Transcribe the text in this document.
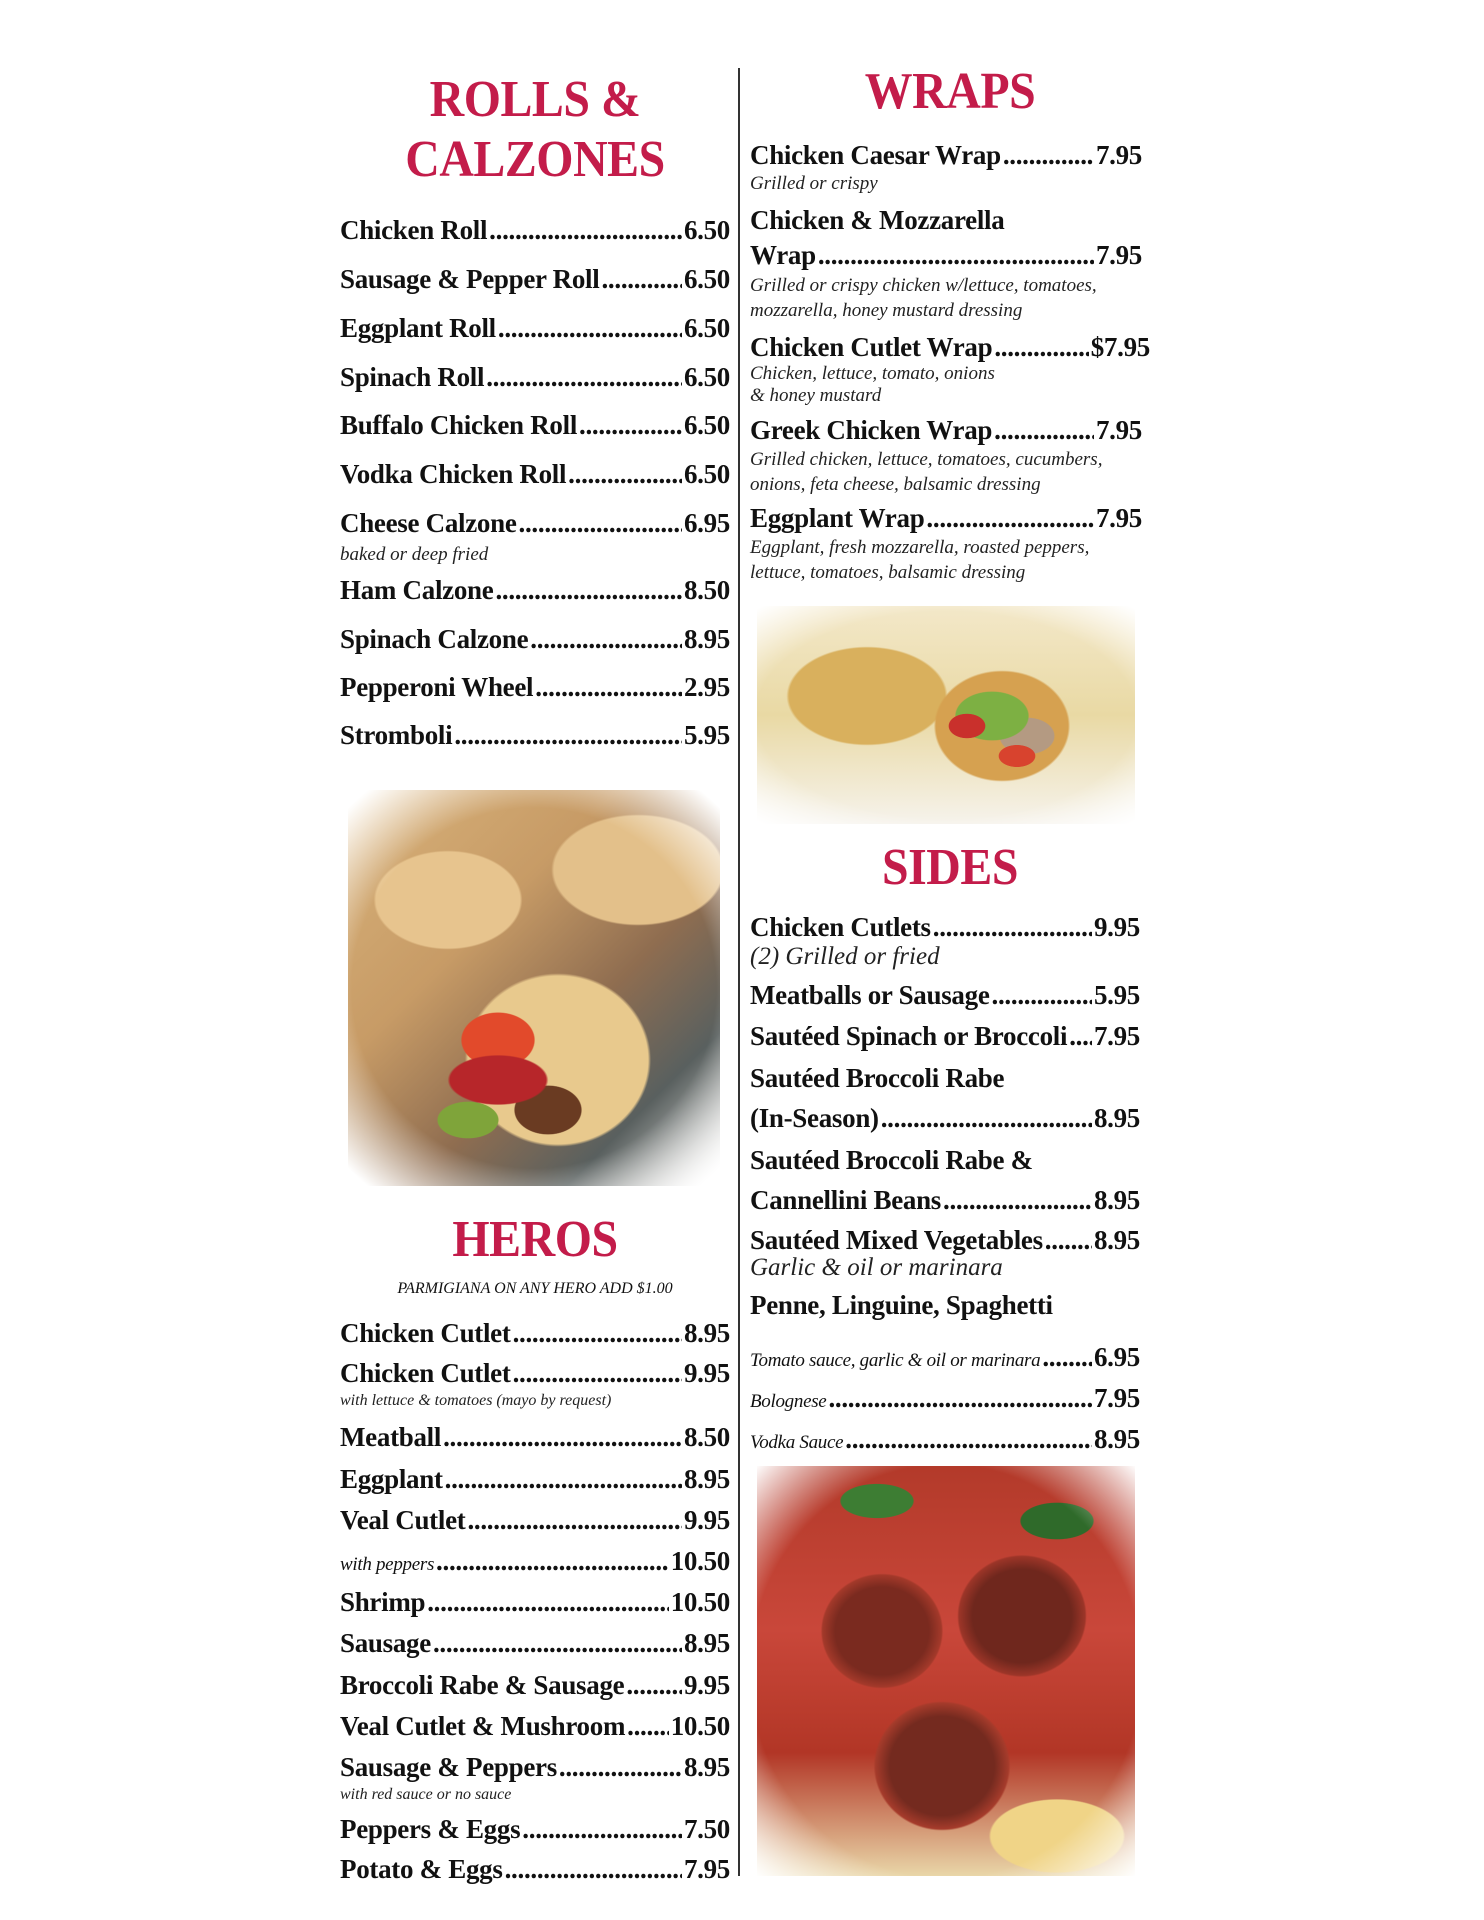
ROLLS &
CALZONES
Chicken Roll .....	6.50
Sausage & Pepper Roll .....	6.50
Eggplant Roll .....	6.50
Spinach Roll .....	6.50
Buffalo Chicken Roll .....	6.50
Vodka Chicken Roll .....	6.50
Cheese Calzone .....	6.95
baked or deep fried
Ham Calzone .....	8.50
Spinach Calzone .....	8.95
Pepperoni Wheel .....	2.95
Stromboli .....	5.95
HEROS
PARMIGIANA ON ANY HERO ADD $1.00
Chicken Cutlet .....	8.95
Chicken Cutlet .....	9.95
with lettuce & tomatoes (mayo by request)
Meatball .....	8.50
Eggplant .....	8.95
Veal Cutlet .....	9.95
with peppers .....	10.50
Shrimp .....	10.50
Sausage .....	8.95
Broccoli Rabe & Sausage ..... 9.95
Veal Cutlet & Mushroom ..... 10.50
Sausage & Peppers .....	8.95
with red sauce or no sauce
Peppers & Eggs .....	7.50
Potato & Eggs .....	7.95
WRAPS
Chicken Caesar Wrap .....	7.95
Grilled or crispy
Chicken & Mozzarella
Wrap .....	7.95
Grilled or crispy chicken w/lettuce, tomatoes,
mozzarella, honey mustard dressing
Chicken Cutlet Wrap .....	$7.95
Chicken, lettuce, tomato, onions
& honey mustard
Greek Chicken Wrap .....	7.95
Grilled chicken, lettuce, tomatoes, cucumbers,
onions, feta cheese, balsamic dressing
Eggplant Wrap .....	7.95
Eggplant, fresh mozzarella, roasted peppers,
lettuce, tomatoes, balsamic dressing
SIDES
Chicken Cutlets .....	9.95
(2) Grilled or fried
Meatballs or Sausage .....	5.95
Sautéed Spinach or Broccoli ..... 7.95
Sautéed Broccoli Rabe
(In-Season) .....	8.95
Sautéed Broccoli Rabe &
Cannellini Beans .....	8.95
Sautéed Mixed Vegetables ..... 8.95
Garlic & oil or marinara
Penne, Linguine, Spaghetti
Tomato sauce, garlic & oil or marinara ..... 6.95
Bolognese .....	7.95
Vodka Sauce .....	8.95
